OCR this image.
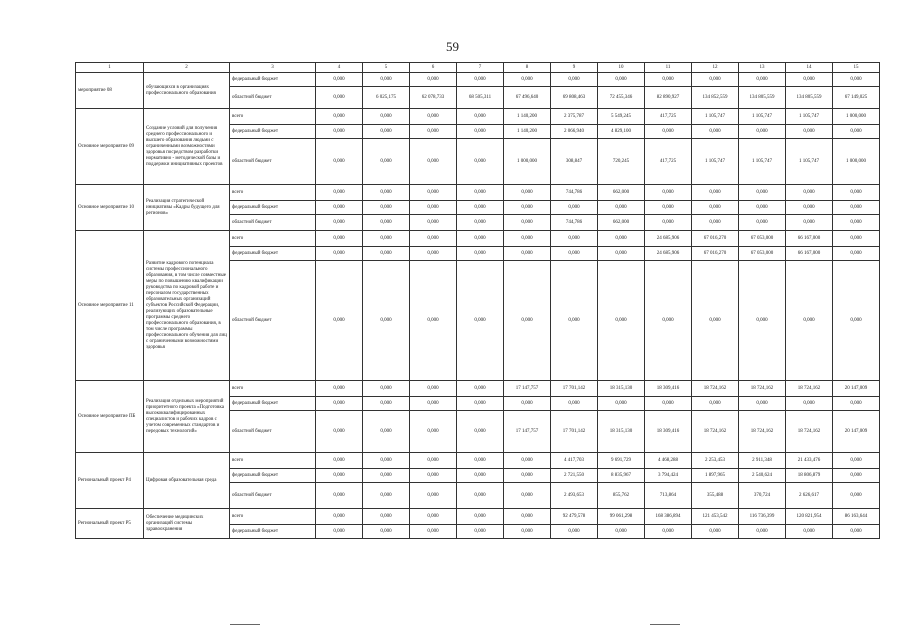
59
1	2	3	4	5	6	7	8	9	10	11	12	13	14	15
мероприятие 08	обучающихся в организациях профессионального образования	федеральный бюджет	0,000	0,000	0,000	0,000	0,000	0,000	0,000	0,000	0,000	0,000	0,000	0,000
		областной бюджет	0,000	6 025,175	62 078,733	68 505,311	67 496,640	69 808,463	72 455,346	82 890,927	134 852,559	134 805,559	134 805,559	67 149,025
Основное мероприятие 09	Создание условий для получения среднего профессионального и высшего образования людьми с ограниченными возможностями здоровья посредством разработки нормативно - методической базы и поддержки инициативных проектов	всего	0,000	0,000	0,000	0,000	1 140,200	2 375,787	5 549,245	417,725	1 105,747	1 105,747	1 105,747	1 000,000
		федеральный бюджет	0,000	0,000	0,000	0,000	1 140,200	2 066,940	4 829,100	0,000	0,000	0,000	0,000	0,000
		областной бюджет	0,000	0,000	0,000	0,000	1 000,000	308,847	720,245	417,725	1 105,747	1 105,747	1 105,747	1 000,000
Основное мероприятие 10	Реализация стратегической инициативы «Кадры будущего для регионов»	всего	0,000	0,000	0,000	0,000	0,000	744,786	662,000	0,000	0,000	0,000	0,000	0,000
		федеральный бюджет	0,000	0,000	0,000	0,000	0,000	0,000	0,000	0,000	0,000	0,000	0,000	0,000
		областной бюджет	0,000	0,000	0,000	0,000	0,000	744,786	662,000	0,000	0,000	0,000	0,000	0,000
Основное мероприятие 11	Развитие кадрового потенциала системы профессионального образования, в том числе совместные меры по повышению квалификации руководства по кадровой работе и персоналом государственных образовательных организаций субъектов Российской Федерации, реализующих образовательные программы среднего профессионального образования, в том числе программы профессионального обучения для лиц с ограниченными возможностями здоровья	всего	0,000	0,000	0,000	0,000	0,000	0,000	0,000	24 685,906	67 016,270	67 053,000	66 167,000	0,000
		федеральный бюджет	0,000	0,000	0,000	0,000	0,000	0,000	0,000	24 685,906	67 016,270	67 053,000	66 167,000	0,000
		областной бюджет	0,000	0,000	0,000	0,000	0,000	0,000	0,000	0,000	0,000	0,000	0,000	0,000
Основное мероприятие ПБ	Реализация отдельных мероприятий приоритетного проекта «Подготовка высококвалифицированных специалистов и рабочих кадров с учетом современных стандартов и передовых технологий»	всего	0,000	0,000	0,000	0,000	17 147,757	17 701,142	18 315,130	18 309,416	18 724,162	18 724,162	18 724,162	20 147,009
		федеральный бюджет	0,000	0,000	0,000	0,000	0,000	0,000	0,000	0,000	0,000	0,000	0,000	0,000
		областной бюджет	0,000	0,000	0,000	0,000	17 147,757	17 701,142	18 315,130	18 309,416	18 724,162	18 724,162	18 724,162	20 147,009
Региональный проект Р4	Цифровая образовательная среда	всего	0,000	0,000	0,000	0,000	0,000	4 417,703	9 691,729	4 468,288	2 253,453	2 911,348	21 433,476	0,000
		федеральный бюджет	0,000	0,000	0,000	0,000	0,000	2 721,550	8 835,967	3 794,424	1 897,965	2 540,624	18 806,879	0,000
		областной бюджет	0,000	0,000	0,000	0,000	0,000	2 493,653	855,762	713,864	355,488	370,724	2 626,617	0,000
Региональный проект Р5	Обеспечение медицинских организаций системы здравоохранения	всего	0,000	0,000	0,000	0,000	0,000	92 479,578	99 061,298	168 386,894	121 453,542	116 736,399	120 821,954	86 163,644
		федеральный бюджет	0,000	0,000	0,000	0,000	0,000	0,000	0,000	0,000	0,000	0,000	0,000	0,000
